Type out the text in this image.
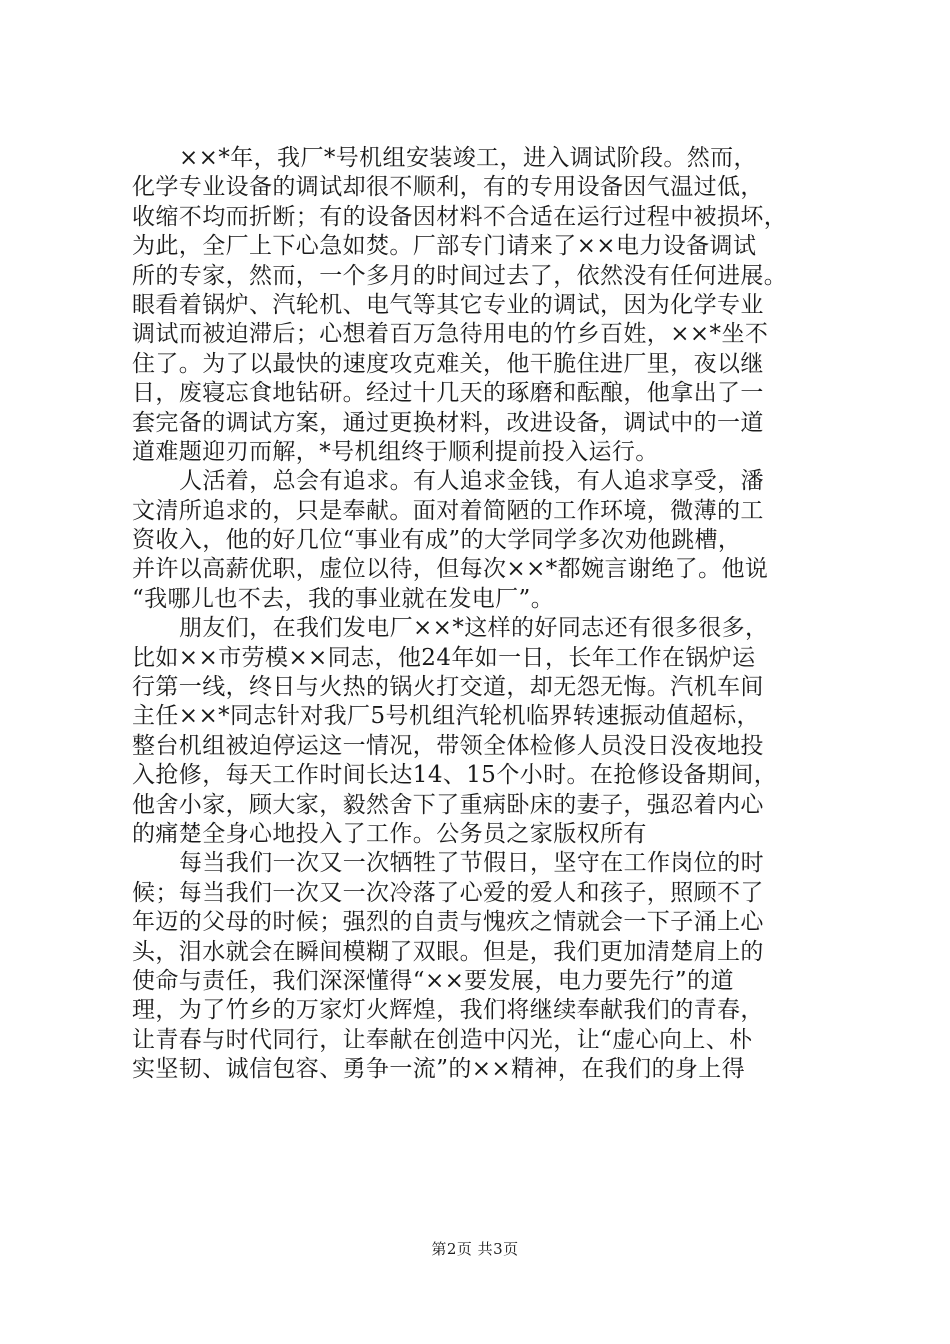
××*年，我厂*号机组安装竣工，进入调试阶段。然而，
化学专业设备的调试却很不顺利，有的专用设备因气温过低，
收缩不均而折断；有的设备因材料不合适在运行过程中被损坏，
为此，全厂上下心急如焚。厂部专门请来了××电力设备调试
所的专家，然而，一个多月的时间过去了，依然没有任何进展。
眼看着锅炉、汽轮机、电气等其它专业的调试，因为化学专业
调试而被迫滞后；心想着百万急待用电的竹乡百姓，××*坐不
住了。为了以最快的速度攻克难关，他干脆住进厂里，夜以继
日，废寝忘食地钻研。经过十几天的琢磨和酝酿，他拿出了一
套完备的调试方案，通过更换材料，改进设备，调试中的一道
道难题迎刃而解，*号机组终于顺利提前投入运行。
人活着，总会有追求。有人追求金钱，有人追求享受，潘
文清所追求的，只是奉献。面对着简陋的工作环境，微薄的工
资收入，他的好几位“事业有成”的大学同学多次劝他跳槽，
并许以高薪优职，虚位以待，但每次××*都婉言谢绝了。他说
“我哪儿也不去，我的事业就在发电厂”。
朋友们，在我们发电厂××*这样的好同志还有很多很多，
比如××市劳模××同志，他24年如一日，长年工作在锅炉运
行第一线，终日与火热的锅火打交道，却无怨无悔。汽机车间
主任××*同志针对我厂5号机组汽轮机临界转速振动值超标，
整台机组被迫停运这一情况，带领全体检修人员没日没夜地投
入抢修，每天工作时间长达14、15个小时。在抢修设备期间，
他舍小家，顾大家，毅然舍下了重病卧床的妻子，强忍着内心
的痛楚全身心地投入了工作。公务员之家版权所有
每当我们一次又一次牺牲了节假日，坚守在工作岗位的时
候；每当我们一次又一次冷落了心爱的爱人和孩子，照顾不了
年迈的父母的时候；强烈的自责与愧疚之情就会一下子涌上心
头，泪水就会在瞬间模糊了双眼。但是，我们更加清楚肩上的
使命与责任，我们深深懂得“××要发展，电力要先行”的道
理，为了竹乡的万家灯火辉煌，我们将继续奉献我们的青春，
让青春与时代同行，让奉献在创造中闪光，让“虚心向上、朴
实坚韧、诚信包容、勇争一流”的××精神，在我们的身上得
第2页 共3页
